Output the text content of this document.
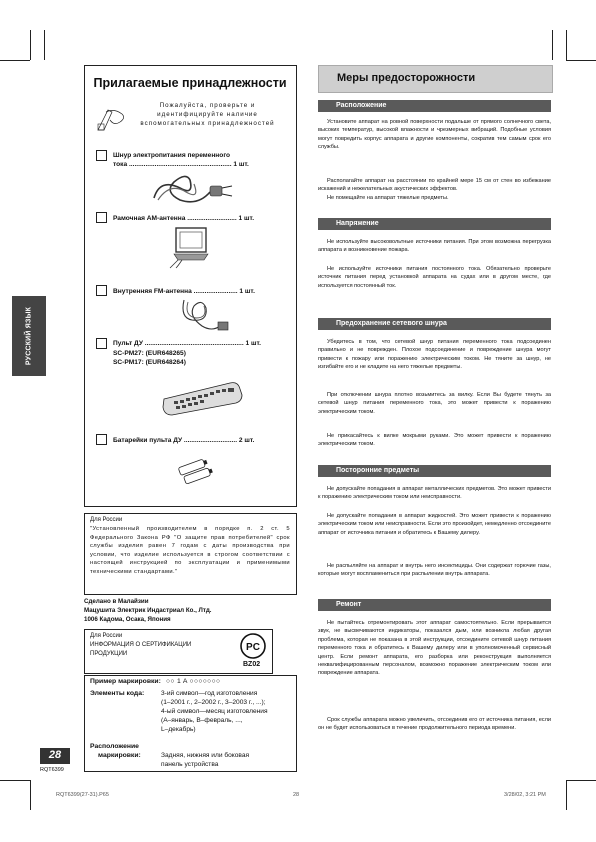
РУССКИЙ ЯЗЫК
Прилагаемые принадлежности
Пожалуйста, проверьте и идентифицируйте наличие вспомогательных принадлежностей
Шнур электропитания переменного
тока ........................................................ 1 шт.
Рамочная АМ-антенна ........................... 1 шт.
Внутренняя FM-антенна ........................ 1 шт.
Пульт ДУ ...................................................... 1 шт.
SC-PM27: (EUR648265)
SC-PM17: (EUR648264)
Батарейки пульта ДУ ............................. 2 шт.
Для России
"Установленный производителем в порядке п. 2 ст. 5 Федерального Закона РФ "О защите прав потребителей" срок службы изделия равен 7 годам с даты производства при условии, что изделие используется в строгом соответствии с настоящей инструкцией по эксплуатации и применимыми техническими стандартами."
Сделано в Малайзии
Мацушита Электрик Индастриал Ко., Лтд.
1006 Кадома, Осака, Япония
Для России
ИНФОРМАЦИЯ О СЕРТИФИКАЦИИ
ПРОДУКЦИИ
PC
BZ02
Пример маркировки: ○○ 1 A ○○○○○○○
Элементы кода:	3-ий символ—год изготовления
(1–2001 г., 2–2002 г., 3–2003 г., ...);
4-ый символ—месяц изготовления
(A–январь, B–февраль, ...,
L–декабрь)
Расположение
маркировки:	Задняя, нижняя или боковая
панель устройства
28
RQT6399
Меры предосторожности
Расположение
Установите аппарат на ровной поверхности подальше от прямого солнечного света, высоких температур, высокой влажности и чрезмерных вибраций. Подобные условия могут повредить корпус аппарата и другие компоненты, сократив тем самым срок его службы.
Располагайте аппарат на расстоянии по крайней мере 15 см от стен во избежание искажений и нежелательных акустических эффектов.
Не помещайте на аппарат тяжелые предметы.
Напряжение
Не используйте высоковольтные источники питания. При этом возможна перегрузка аппарата и возникновение пожара.
Не используйте источники питания постоянного тока. Обязательно проверьте источник питания перед установкой аппарата на судах или в другом месте, где используется постоянный ток.
Предохранение сетевого шнура
Убедитесь в том, что сетевой шнур питания переменного тока подсоединен правильно и не поврежден. Плохое подсоединение и повреждение шнура могут привести к пожару или поражению электрическим током. Не тяните за шнур, не изгибайте его и не кладите на него тяжелые предметы.
При отключении шнура плотно возьмитесь за вилку. Если Вы будете тянуть за сетевой шнур питания переменного тока, это может привести к поражению электрическим током.
Не прикасайтесь к вилке мокрыми руками. Это может привести к поражению электрическим током.
Посторонние предметы
Не допускайте попадания в аппарат металлических предметов. Это может привести к поражению электрическим током или неисправности.
Не допускайте попадания в аппарат жидкостей. Это может привести к поражению электрическим током или неисправности. Если это произойдет, немедленно отсоедините аппарат от источника питания и обратитесь к Вашему дилеру.
Не распыляйте на аппарат и внутрь него инсектициды. Они содержат горючие газы, которые могут воспламениться при распылении внутрь аппарата.
Ремонт
Не пытайтесь отремонтировать этот аппарат самостоятельно. Если прерывается звук, не высвечиваются индикаторы, показался дым, или возникла любая другая проблема, которая не показана в этой инструкции, отсоедините сетевой шнур питания переменного тока и обратитесь к Вашему дилеру или в уполномоченный сервисный центр. Если ремонт аппарата, его разборка или реконструкция выполняется неквалифицированным персоналом, возможно поражение электрическим током или повреждение аппарата.
Срок службы аппарата можно увеличить, отсоединив его от источника питания, если он не будет использоваться в течение продолжительного периода времени.
RQT6399(27-31).P65	28	3/28/02, 3:21 PM
